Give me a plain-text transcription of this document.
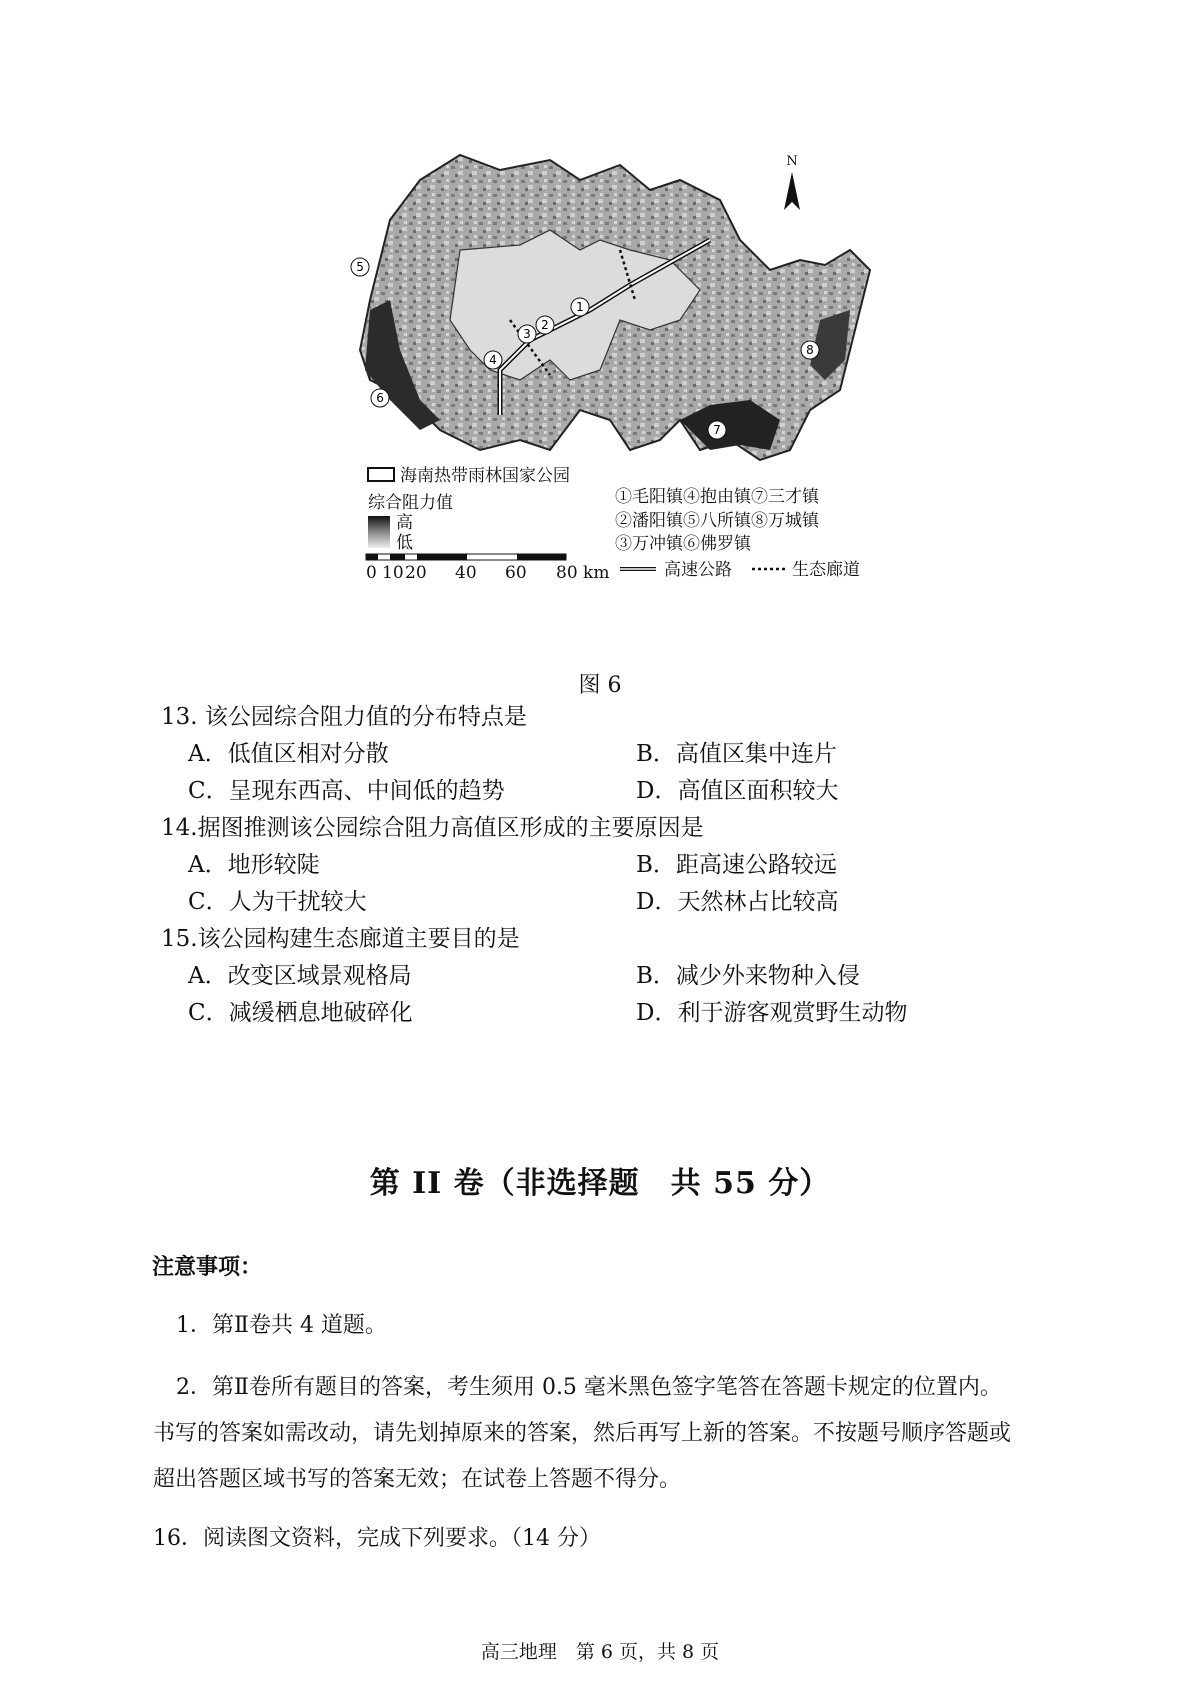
1
2
3
4
5
6
7
8
N
海南热带雨林国家公园
综合阻力值
高
低
0 10 20 40 60 80 km
①毛阳镇④抱由镇⑦三才镇
②潘阳镇⑤八所镇⑧万城镇
③万冲镇⑥佛罗镇
高速公路	生态廊道
图 6
13. 该公园综合阻力值的分布特点是
A．低值区相对分散	B．高值区集中连片
C．呈现东西高、中间低的趋势	D．高值区面积较大
14.据图推测该公园综合阻力高值区形成的主要原因是
A．地形较陡	B．距高速公路较远
C．人为干扰较大	D．天然林占比较高
15.该公园构建生态廊道主要目的是
A．改变区域景观格局	B．减少外来物种入侵
C．减缓栖息地破碎化	D．利于游客观赏野生动物
第 II 卷（非选择题　共 55 分）
注意事项：
1．第Ⅱ卷共 4 道题。
2．第Ⅱ卷所有题目的答案，考生须用 0.5 毫米黑色签字笔答在答题卡规定的位置内。
书写的答案如需改动，请先划掉原来的答案，然后再写上新的答案。不按题号顺序答题或
超出答题区域书写的答案无效；在试卷上答题不得分。
16．阅读图文资料，完成下列要求。（14 分）
高三地理　第 6 页，共 8 页
